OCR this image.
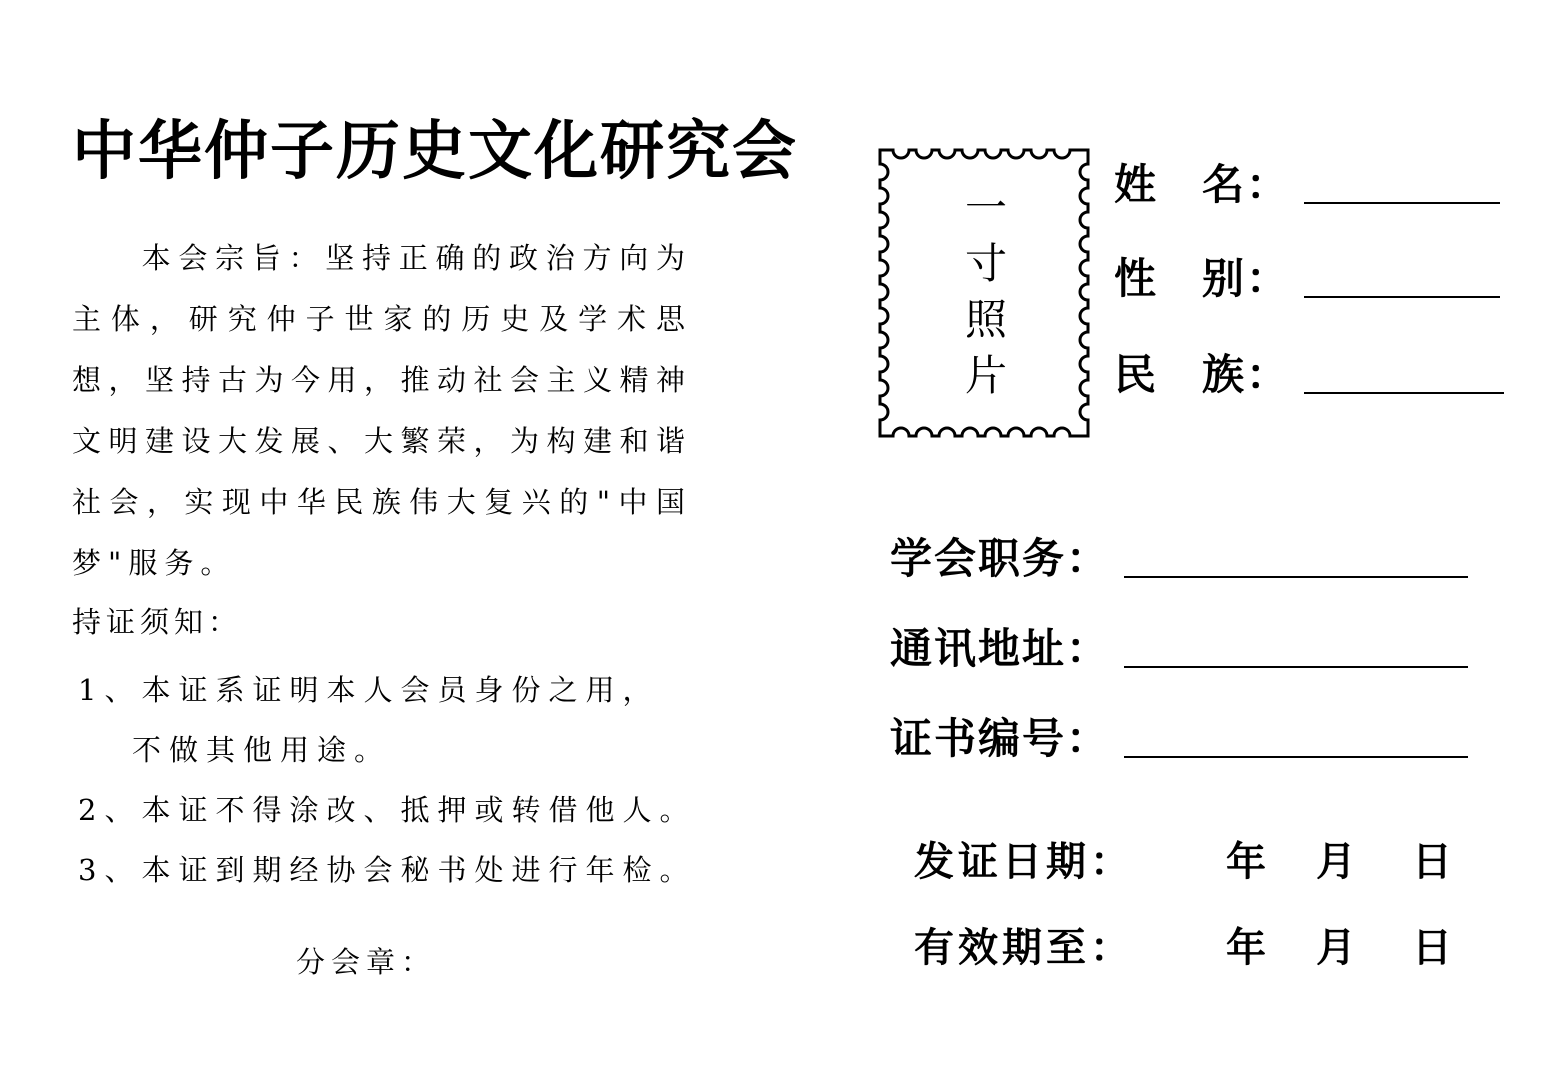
中华仲子历史文化研究会

本会宗旨：坚持正确的政治方向为主体，研究仲子世家的历史及学术思想，坚持古为今用，推动社会主义精神文明建设大发展、大繁荣，为构建和谐社会，实现中华民族伟大复兴的"中国梦"服务。

持证须知：
1、本证系证明本人会员身份之用，
不做其他用途。
2、本证不得涂改、抵押或转借他人。
3、本证到期经协会秘书处进行年检。
分会章：
一
寸
照
片
姓　名：
性　别：
民　族：
学会职务：
通讯地址：
证书编号：
发证日期： 年 月 日
有效期至： 年 月 日
